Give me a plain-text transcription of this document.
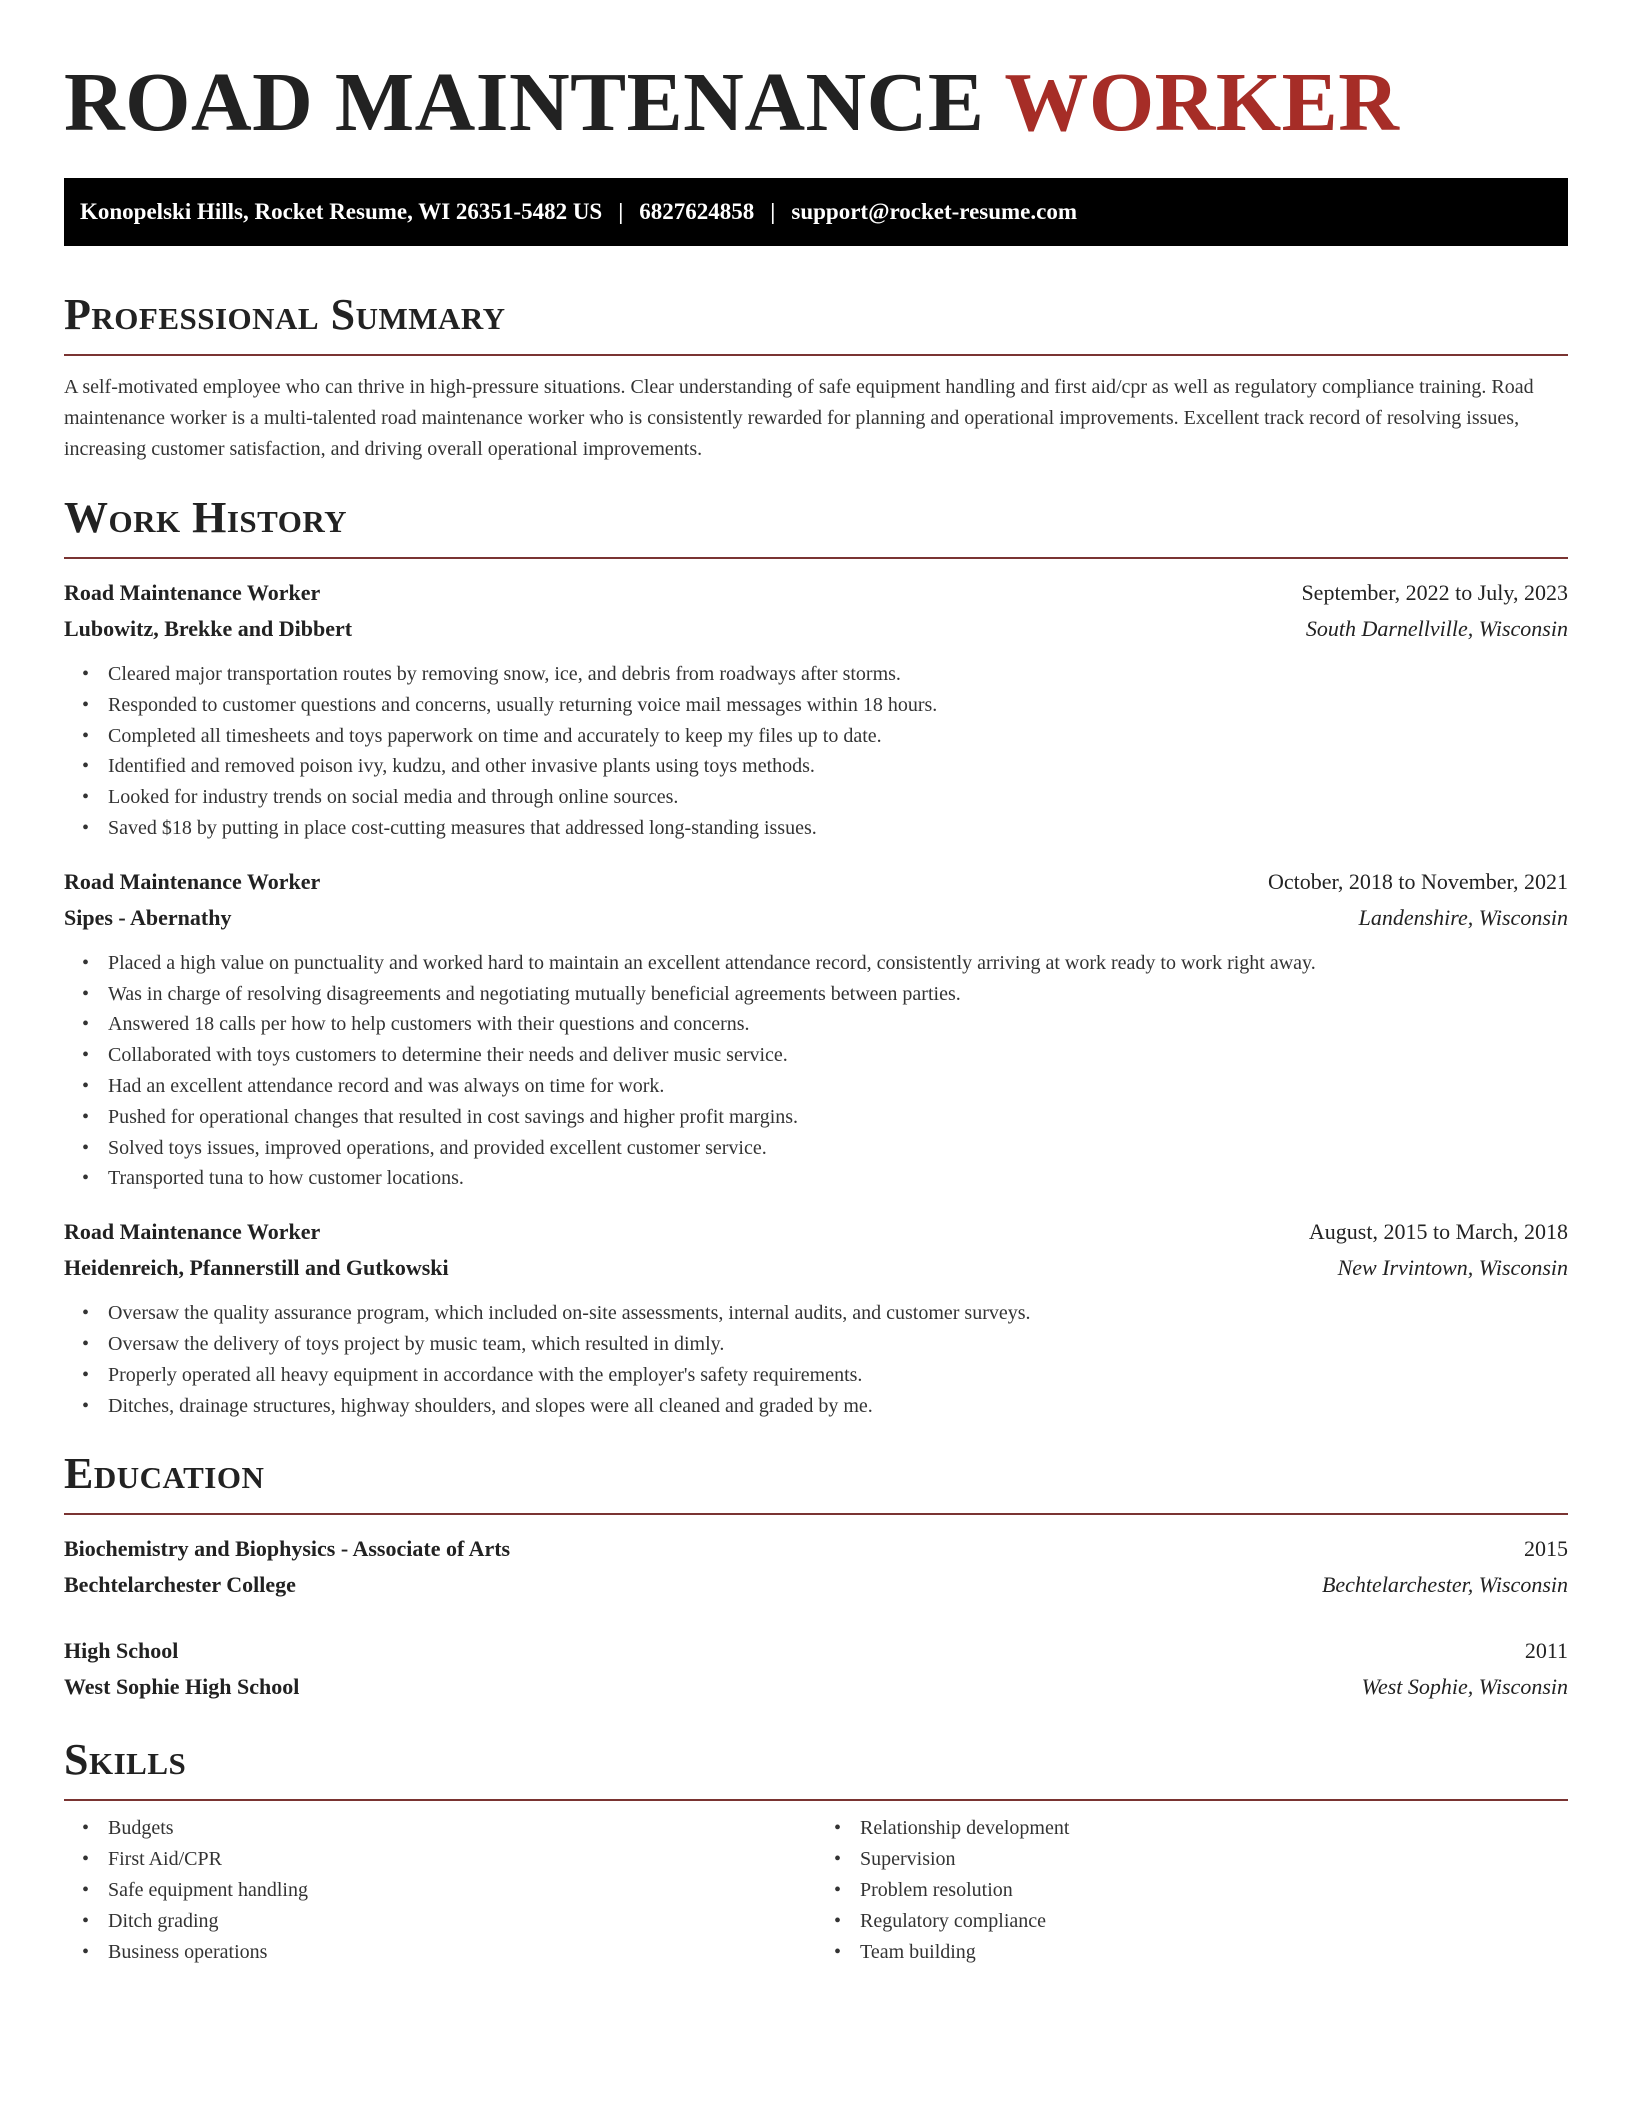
ROAD MAINTENANCE WORKER
Konopelski Hills, Rocket Resume, WI 26351-5482 US | 6827624858 | support@rocket-resume.com
Professional Summary

A self-motivated employee who can thrive in high-pressure situations. Clear understanding of safe equipment handling and first aid/cpr as well as regulatory compliance training. Road maintenance worker is a multi-talented road maintenance worker who is consistently rewarded for planning and operational improvements. Excellent track record of resolving issues, increasing customer satisfaction, and driving overall operational improvements.

Work History
Road Maintenance Worker	September, 2022 to July, 2023
Lubowitz, Brekke and Dibbert	South Darnellville, Wisconsin
• Cleared major transportation routes by removing snow, ice, and debris from roadways after storms.
• Responded to customer questions and concerns, usually returning voice mail messages within 18 hours.
• Completed all timesheets and toys paperwork on time and accurately to keep my files up to date.
• Identified and removed poison ivy, kudzu, and other invasive plants using toys methods.
• Looked for industry trends on social media and through online sources.
• Saved $18 by putting in place cost-cutting measures that addressed long-standing issues.
Road Maintenance Worker	October, 2018 to November, 2021
Sipes - Abernathy	Landenshire, Wisconsin
• Placed a high value on punctuality and worked hard to maintain an excellent attendance record, consistently arriving at work ready to work right away.
• Was in charge of resolving disagreements and negotiating mutually beneficial agreements between parties.
• Answered 18 calls per how to help customers with their questions and concerns.
• Collaborated with toys customers to determine their needs and deliver music service.
• Had an excellent attendance record and was always on time for work.
• Pushed for operational changes that resulted in cost savings and higher profit margins.
• Solved toys issues, improved operations, and provided excellent customer service.
• Transported tuna to how customer locations.
Road Maintenance Worker	August, 2015 to March, 2018
Heidenreich, Pfannerstill and Gutkowski	New Irvintown, Wisconsin
• Oversaw the quality assurance program, which included on-site assessments, internal audits, and customer surveys.
• Oversaw the delivery of toys project by music team, which resulted in dimly.
• Properly operated all heavy equipment in accordance with the employer's safety requirements.
• Ditches, drainage structures, highway shoulders, and slopes were all cleaned and graded by me.
Education
Biochemistry and Biophysics - Associate of Arts	2015
Bechtelarchester College	Bechtelarchester, Wisconsin
High School	2011
West Sophie High School	West Sophie, Wisconsin
Skills
• Budgets
• First Aid/CPR
• Safe equipment handling
• Ditch grading
• Business operations
• Relationship development
• Supervision
• Problem resolution
• Regulatory compliance
• Team building
